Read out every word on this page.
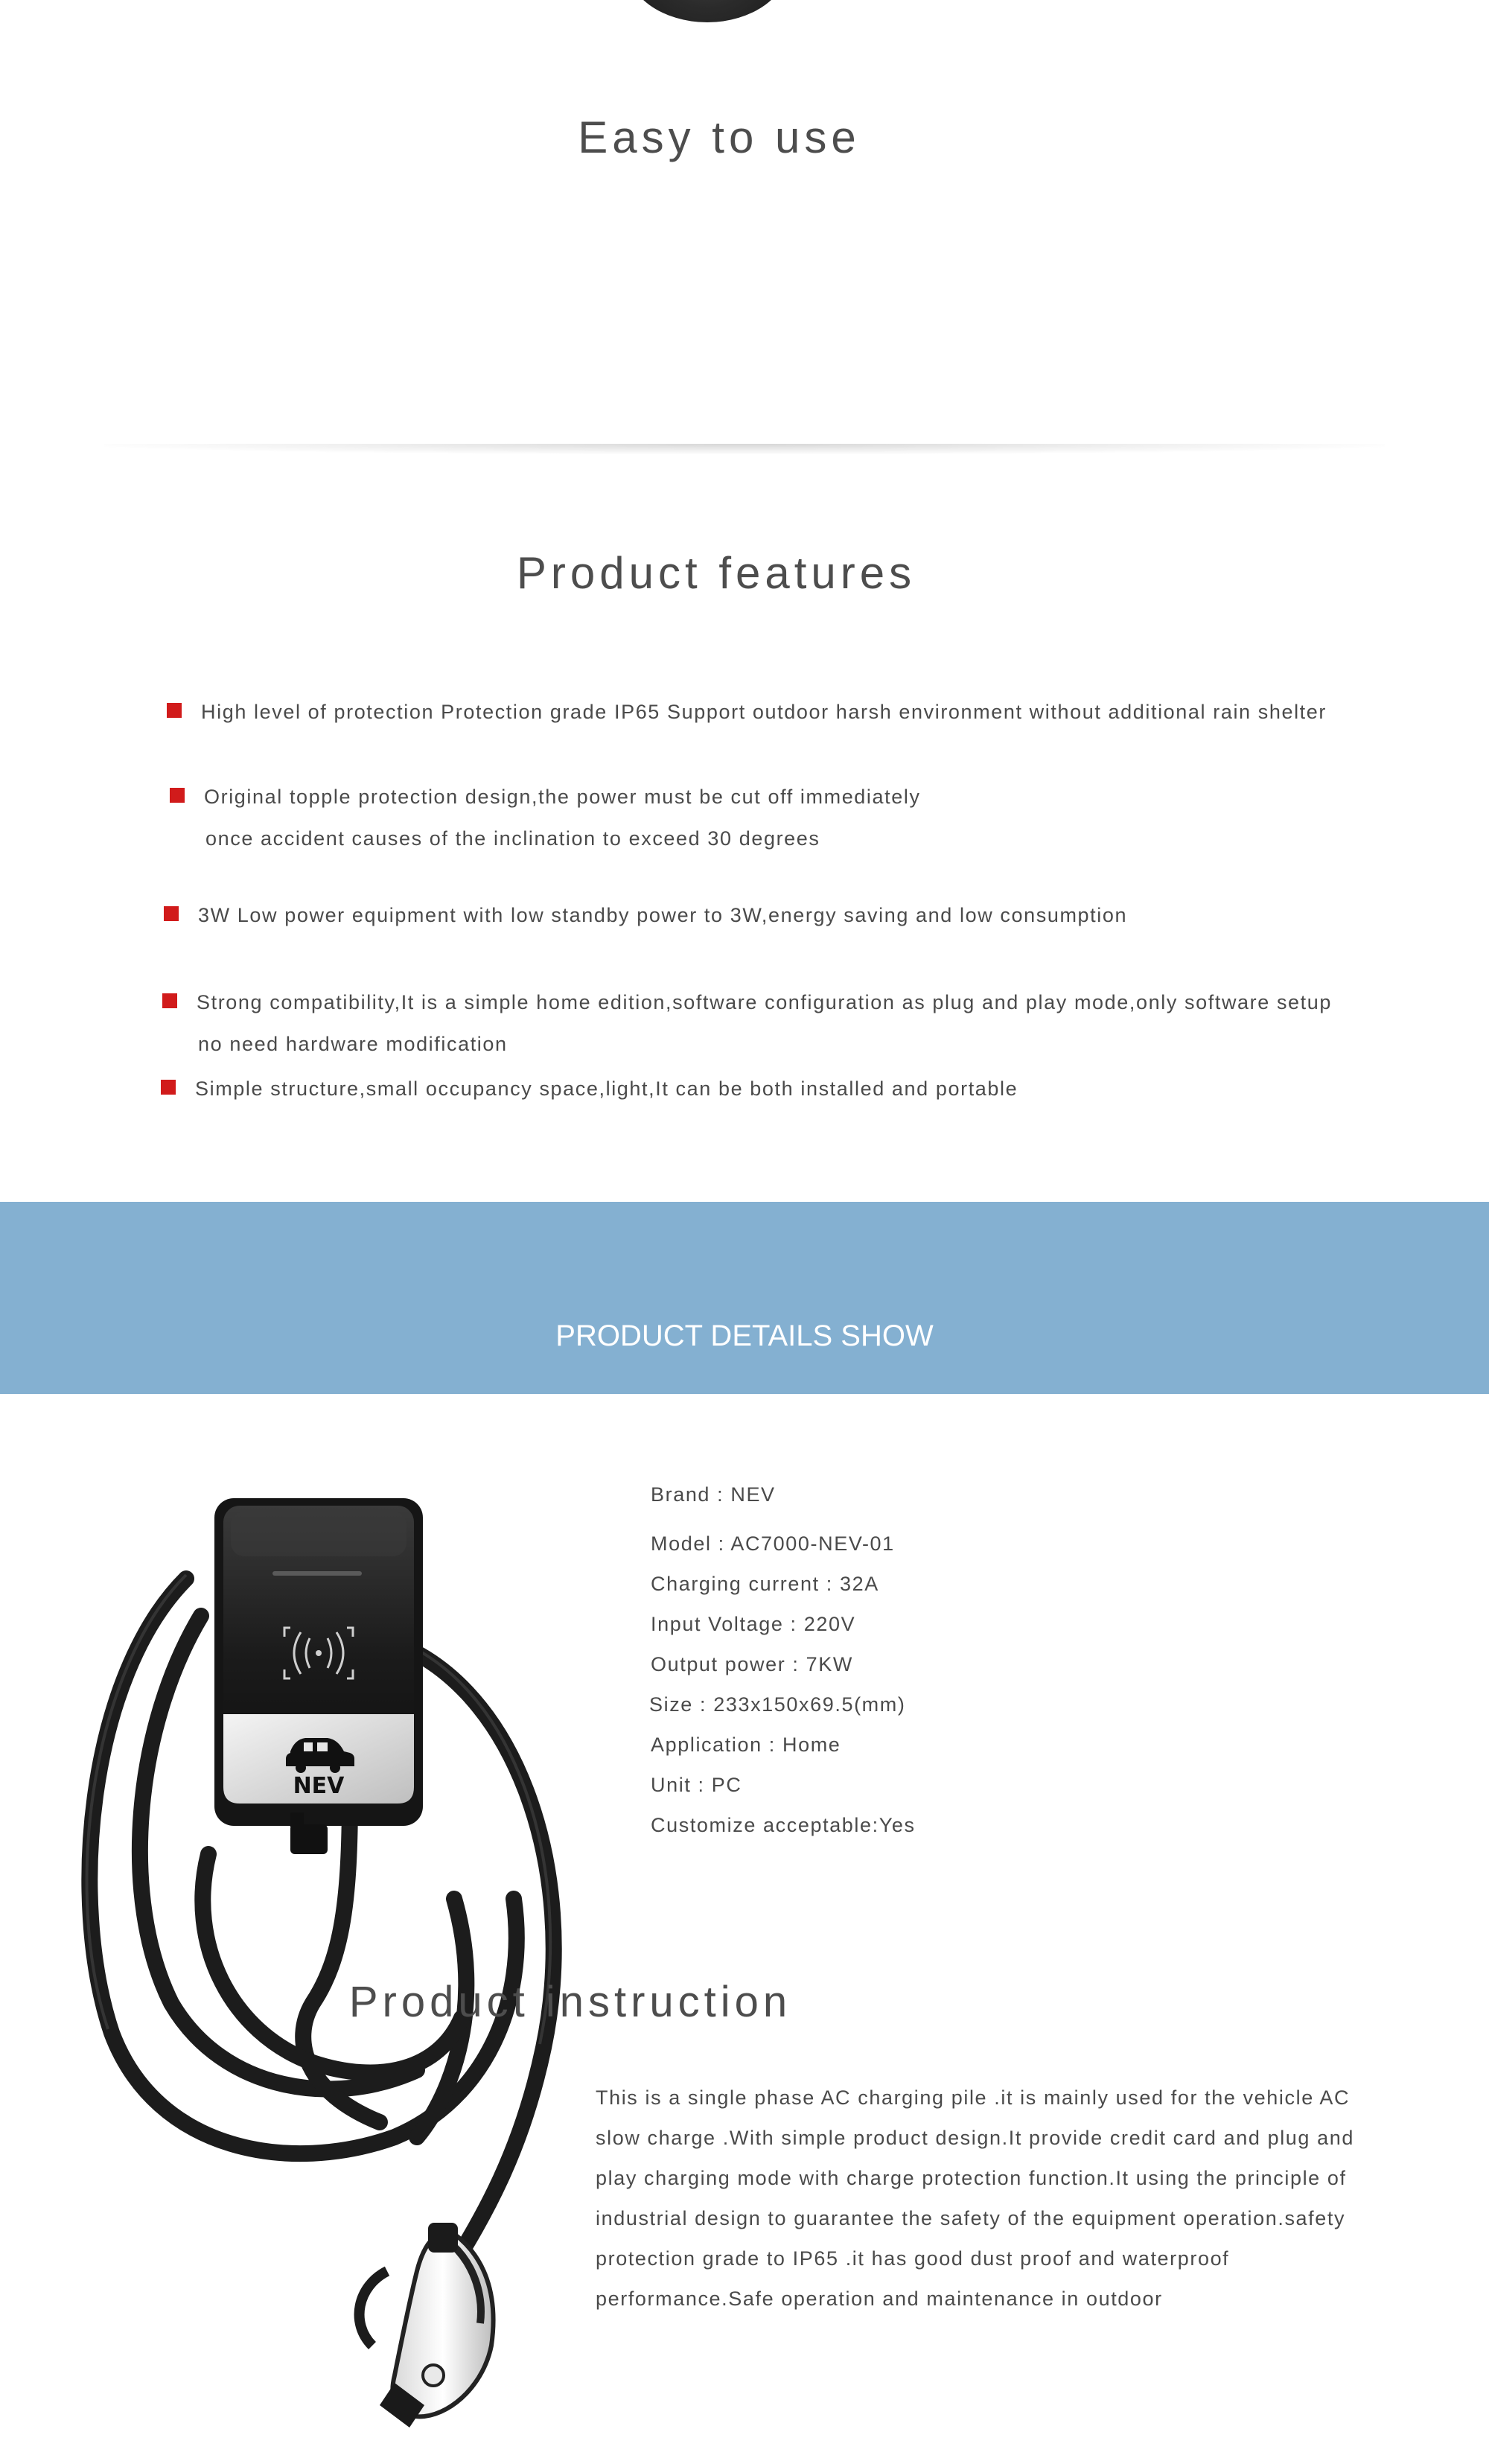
Easy to use
Product features
High level of protection Protection grade IP65 Support outdoor harsh environment without additional rain shelter
Original topple protection design,the power must be cut off immediately
once accident causes of the inclination to exceed 30 degrees
3W Low power equipment with low standby power to 3W,energy saving and low consumption
Strong compatibility,It is a simple home edition,software configuration as plug and play mode,only software setup
no need hardware modification
Simple structure,small occupancy space,light,It can be both installed and portable
PRODUCT DETAILS SHOW
NEV
Brand : NEV
Model : AC7000-NEV-01
Charging current : 32A
Input Voltage : 220V
Output power : 7KW
Size : 233x150x69.5(mm)
Application : Home
Unit : PC
Customize acceptable:Yes
Product instruction
This is a single phase AC charging pile .it is mainly used for the vehicle AC
slow charge .With simple product design.It provide credit card and plug and
play charging mode with charge protection function.It using the principle of
industrial design to guarantee the safety of the equipment operation.safety
protection grade to IP65 .it has good dust proof and waterproof
performance.Safe operation and maintenance in outdoor
